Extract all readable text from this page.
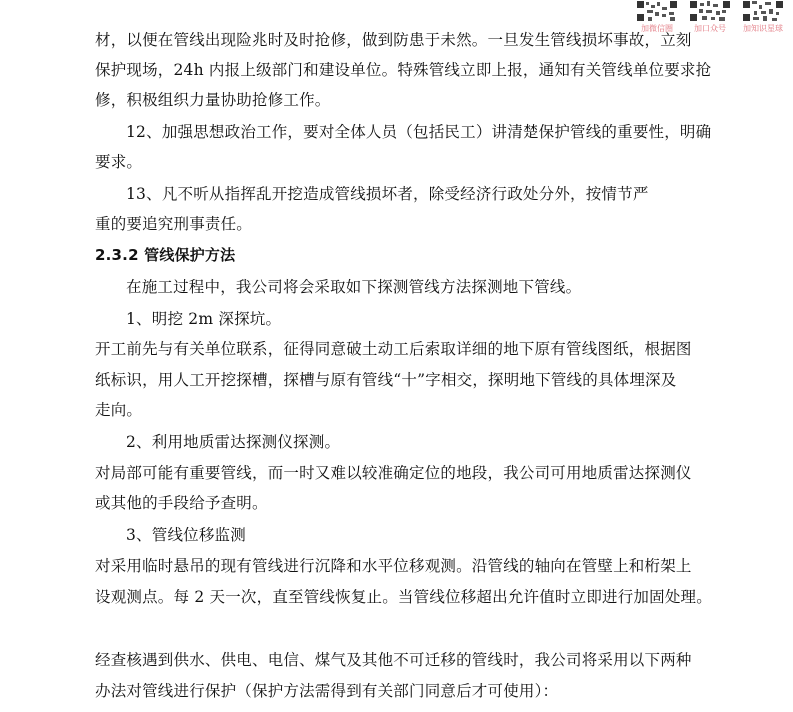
加微信圈	加口众号	加知识星球
材，以便在管线出现险兆时及时抢修，做到防患于未然。一旦发生管线损坏事故，立刻
保护现场，24h 内报上级部门和建设单位。特殊管线立即上报，通知有关管线单位要求抢
修，积极组织力量协助抢修工作。
12、加强思想政治工作，要对全体人员（包括民工）讲清楚保护管线的重要性，明确
要求。
13、凡不听从指挥乱开挖造成管线损坏者，除受经济行政处分外，按情节严
重的要追究刑事责任。
2.3.2 管线保护方法
在施工过程中，我公司将会采取如下探测管线方法探测地下管线。
1、明挖 2m 深探坑。
开工前先与有关单位联系，征得同意破土动工后索取详细的地下原有管线图纸，根据图
纸标识，用人工开挖探槽，探槽与原有管线“十”字相交，探明地下管线的具体埋深及
走向。
2、利用地质雷达探测仪探测。
对局部可能有重要管线，而一时又难以较准确定位的地段，我公司可用地质雷达探测仪
或其他的手段给予查明。
3、管线位移监测
对采用临时悬吊的现有管线进行沉降和水平位移观测。沿管线的轴向在管壁上和桁架上
设观测点。每 2 天一次，直至管线恢复止。当管线位移超出允许值时立即进行加固处理。
经查核遇到供水、供电、电信、煤气及其他不可迁移的管线时，我公司将采用以下两种
办法对管线进行保护（保护方法需得到有关部门同意后才可使用）：
